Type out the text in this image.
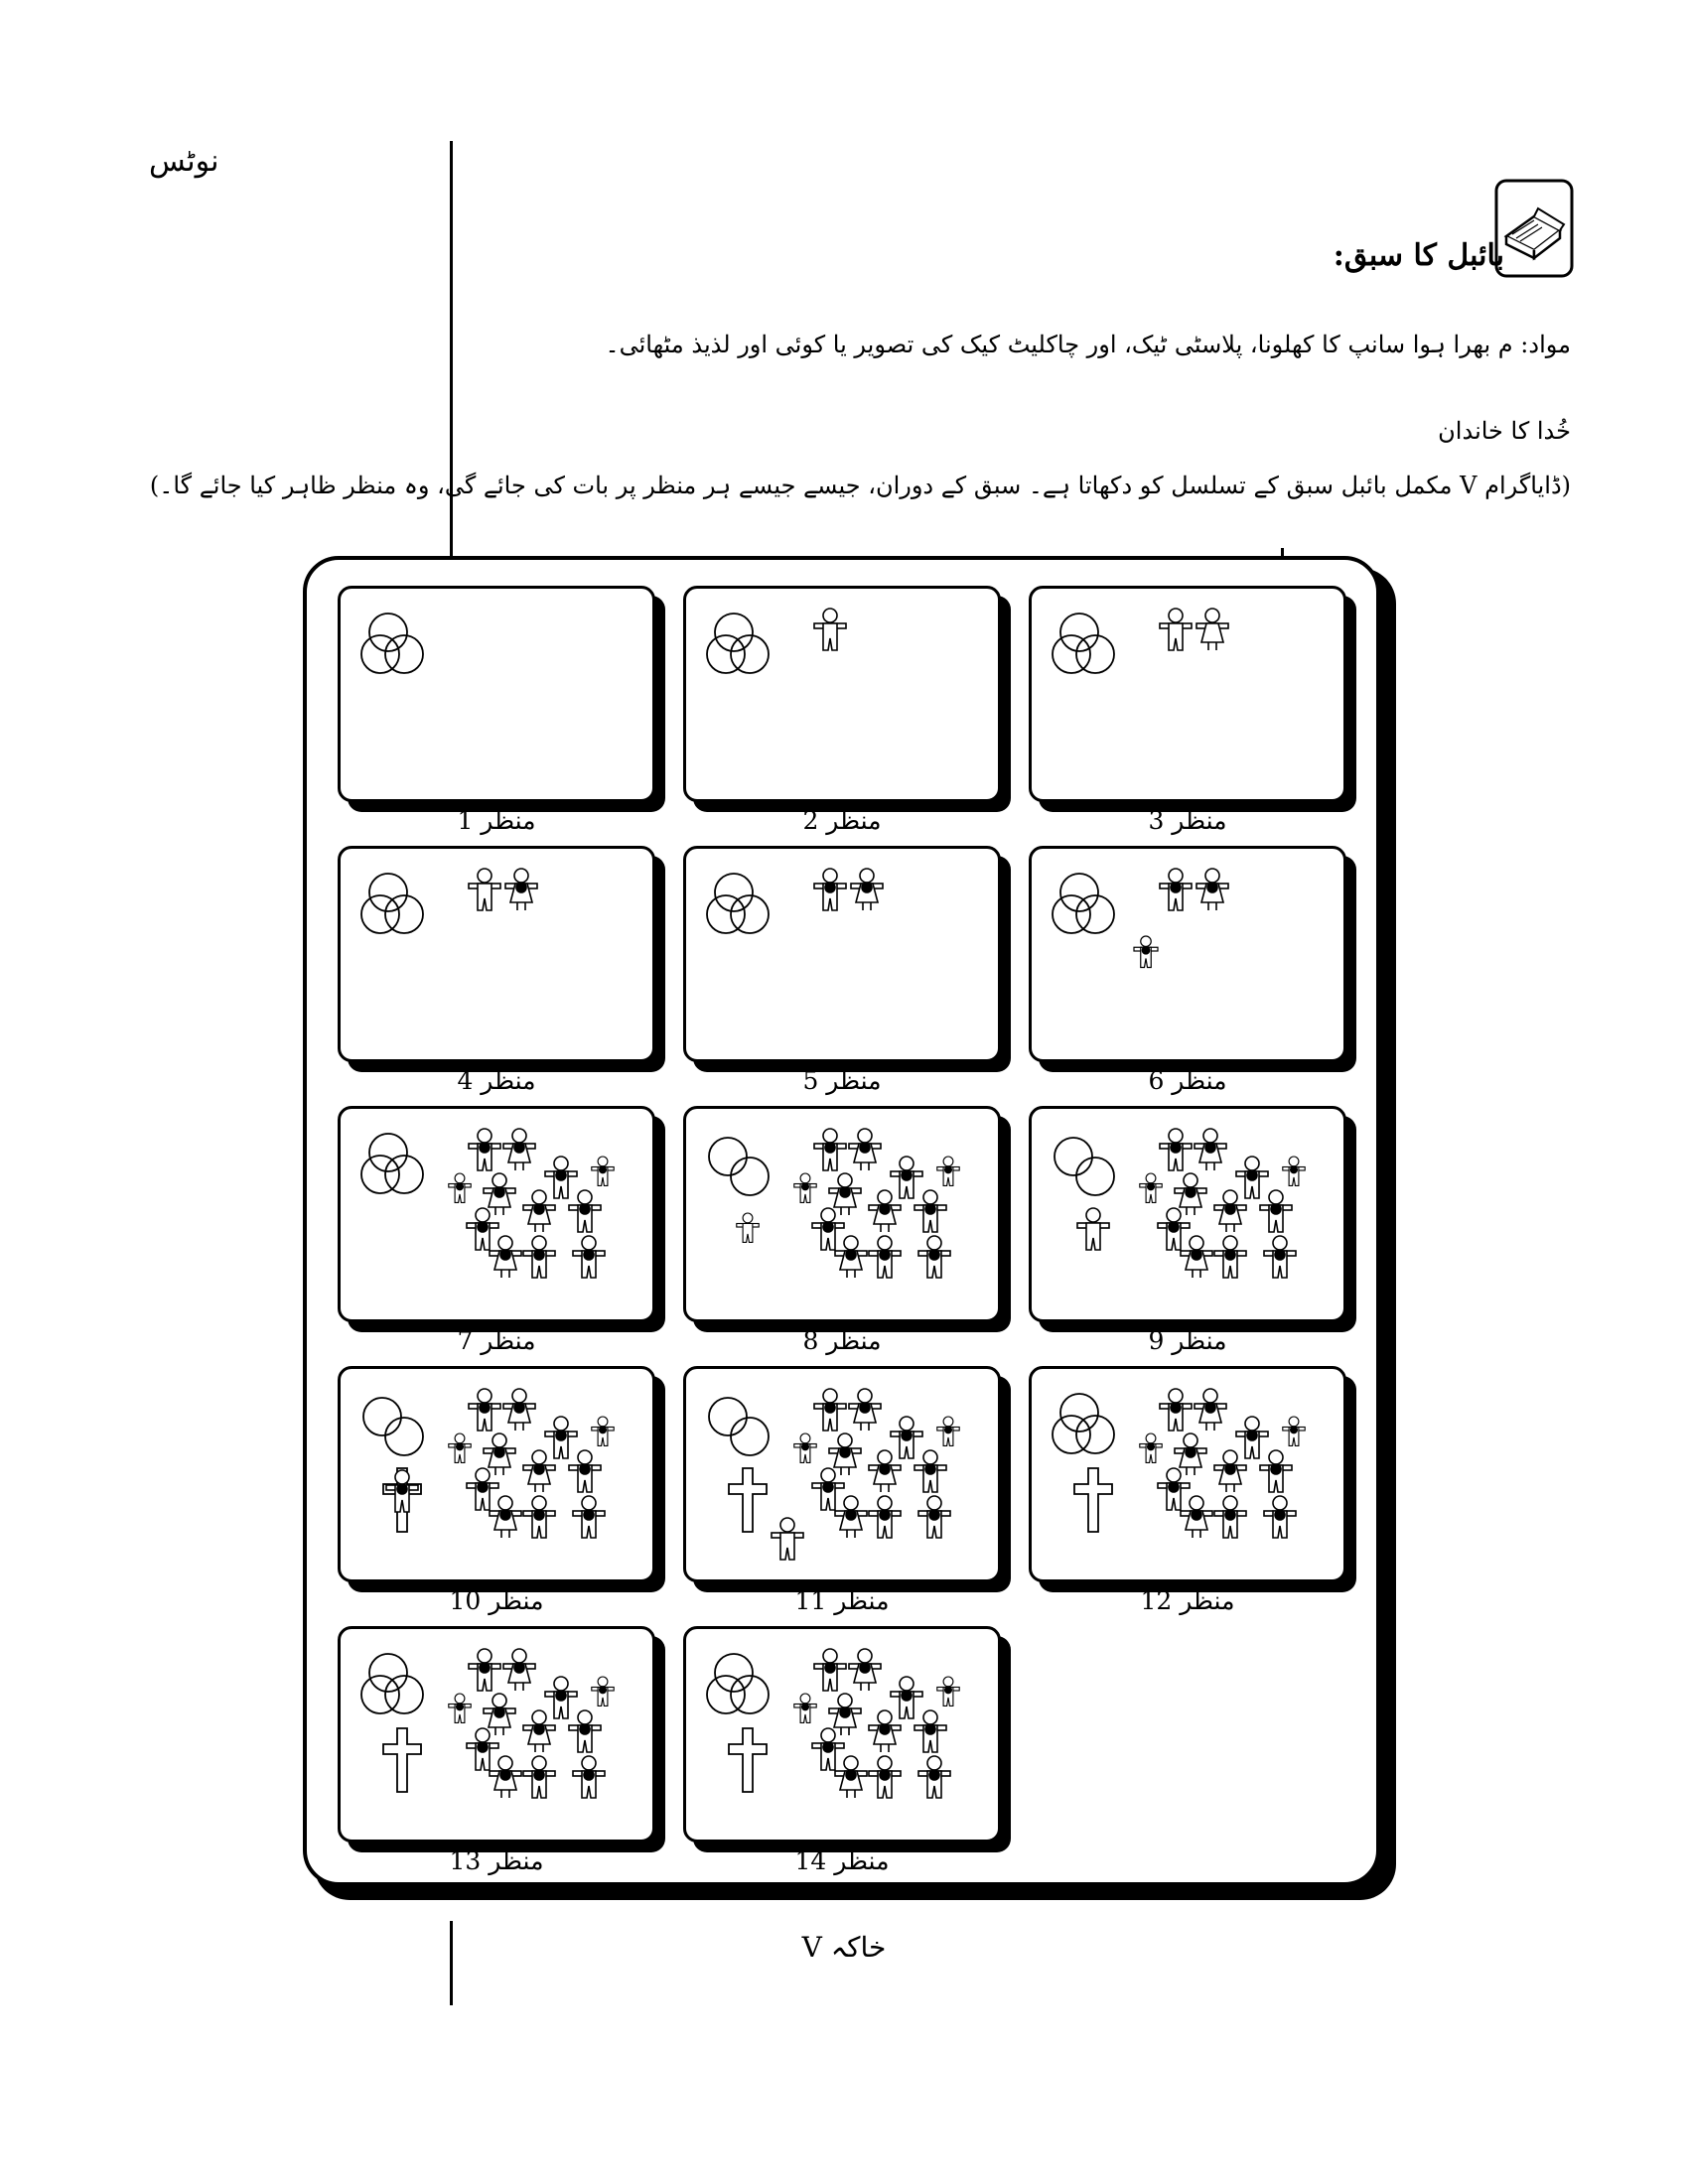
نوٹس
بائبل کا سبق:
مواد: م بھرا ہوا سانپ کا کھلونا، پلاسٹی ٹیک، اور چاکلیٹ کیک کی تصویر یا کوئی اور لذیذ مٹھائی۔
خُدا کا خاندان
(ڈایاگرام V مکمل بائبل سبق کے تسلسل کو دکھاتا ہے۔ سبق کے دوران، جیسے جیسے ہر منظر پر بات کی جائے گی، وہ منظر ظاہر کیا جائے گا۔)
منظر 1	منظر 2	منظر 3
منظر 4	منظر 5	منظر 6
منظر 7	منظر 8	منظر 9
منظر 10	منظر 11	منظر 12
منظر 13	منظر 14
خاکہ V
